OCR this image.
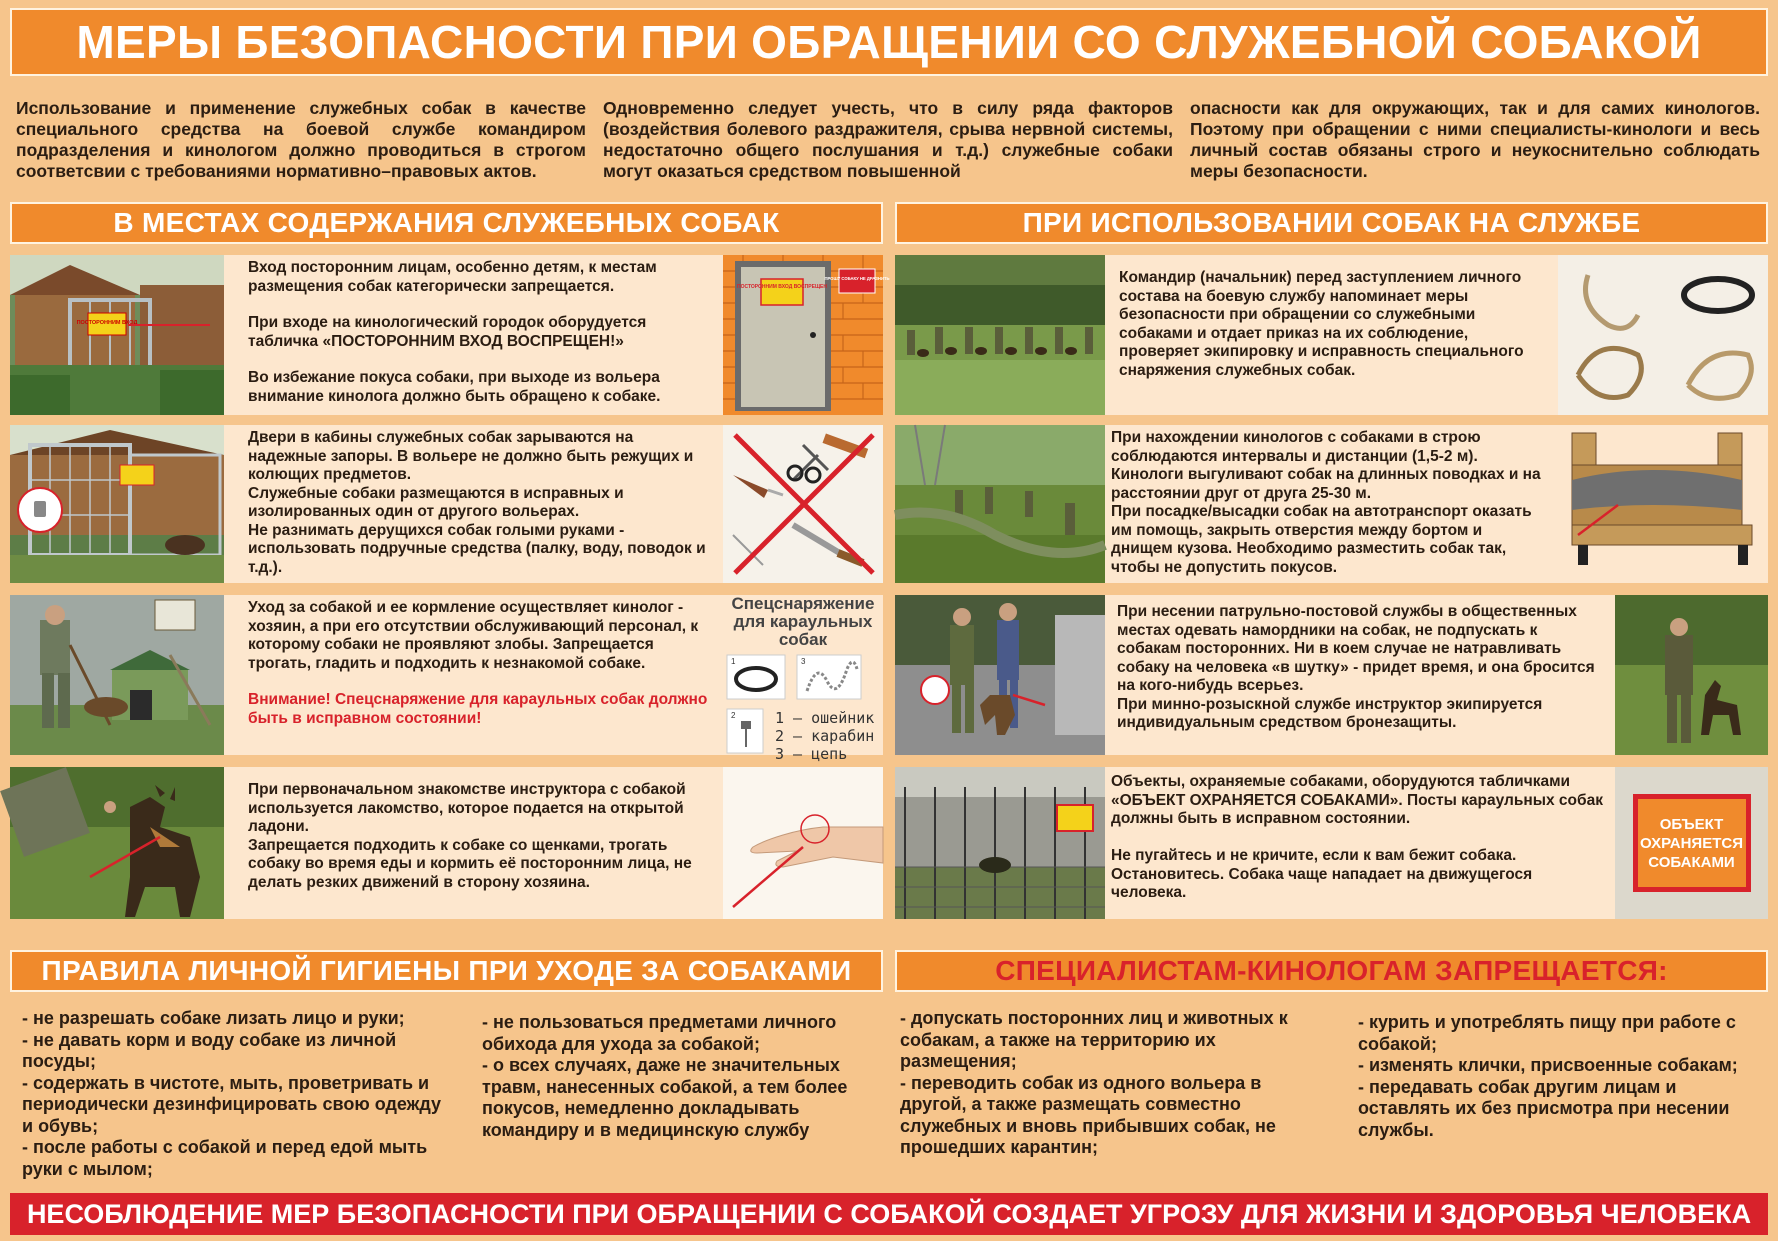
МЕРЫ БЕЗОПАСНОСТИ ПРИ ОБРАЩЕНИИ СО СЛУЖЕБНОЙ СОБАКОЙ
Использование и применение служебных собак в качестве специального средства на боевой службе командиром подразделения и кинологом должно проводиться в строгом соответсвии с требованиями нормативно–правовых актов.
Одновременно следует учесть, что в силу ряда факторов (воздействия болевого раздражителя, срыва нервной системы, недостаточно общего послушания и т.д.) служебные собаки могут оказаться средством повышенной
опасности как для окружающих, так и для самих кинологов. Поэтому при обращении с ними специалисты-кинологи и весь личный состав обязаны строго и неукоснительно соблюдать меры безопасности.
В МЕСТАХ СОДЕРЖАНИЯ СЛУЖЕБНЫХ СОБАК	ПРИ ИСПОЛЬЗОВАНИИ СОБАК НА СЛУЖБЕ
ПОСТОРОННИМ ВХОД

Вход посторонним лицам, особенно детям, к местам размещения собак категорически запрещается.

При входе на кинологический городок оборудуется табличка «ПОСТОРОННИМ ВХОД ВОСПРЕЩЕН!»

Во избежание покуса собаки, при выходе из вольера внимание кинолога должно быть обращено к собаке.

ПОСТОРОННИМ ВХОД ВОСПРЕЩЕН
ПРОШУ СОБАКУ НЕ ДРАЗНИТЬ
Двери в кабины служебных собак зарываются на надежные запоры. В вольере не должно быть режущих и колющих предметов.
Служебные собаки размещаются в исправных и изолированных один от другого вольерах.
Не разнимать дерущихся собак голыми руками - использовать подручные средства (палку, воду, поводок и т.д.).

Уход за собакой и ее кормление осуществляет кинолог - хозяин, а при его отсутствии обслуживающий персонал, к которому собаки не проявляют злобы. Запрещается трогать, гладить и подходить к незнакомой собаке.

Внимание! Спецснаряжение для караульных собак должно быть в исправном состоянии!

Спецснаряжение для караульных собак
1	3
2	1 – ошейник
2 – карабин
3 – цепь
При первоначальном знакомстве инструктора с собакой используется лакомство, которое подается на открытой ладони.
Запрещается подходить к собаке со щенками, трогать собаку во время еды и кормить её посторонним лица, не делать резких движений в сторону хозяина.
Командир (начальник) перед заступлением личного состава на боевую службу напоминает меры безопасности при обращении со служебными собаками и отдает приказ на их соблюдение, проверяет экипировку и исправность специального снаряжения служебных собак.
При нахождении кинологов с собаками в строю соблюдаются интервалы и дистанции (1,5-2 м). Кинологи выгуливают собак на длинных поводках и на расстоянии друг от друга 25-30 м.
При посадке/высадки собак на автотранспорт оказать им помощь, закрыть отверстия между бортом и днищем кузова. Необходимо разместить собак так, чтобы не допустить покусов.
При несении патрульно-постовой службы в общественных местах одевать намордники на собак, не подпускать к собакам посторонних. Ни в коем случае не натравливать собаку на человека «в шутку» - придет время, и она бросится на кого-нибудь всерьез.
При минно-розыскной службе инструктор экипируется индивидуальным средством бронезащиты.
Объекты, охраняемые собаками, оборудуются табличками «ОБЪЕКТ ОХРАНЯЕТСЯ СОБАКАМИ». Посты караульных собак должны быть в исправном состоянии.

Не пугайтесь и не кричите, если к вам бежит собака. Остановитесь. Собака чаще нападает на движущегося человека.
ОБЪЕКТ ОХРАНЯЕТСЯ СОБАКАМИ
ПРАВИЛА ЛИЧНОЙ ГИГИЕНЫ ПРИ УХОДЕ ЗА СОБАКАМИ
- не разрешать собаке лизать лицо и руки;
- не давать корм и воду собаке из личной посуды;
- содержать в чистоте, мыть, проветривать и периодически дезинфицировать свою одежду и обувь;
- после работы с собакой и перед едой мыть руки с мылом;
- не пользоваться предметами личного обихода для ухода за собакой;
- о всех случаях, даже не значительных травм, нанесенных собакой, а тем более покусов, немедленно докладывать командиру и в медицинскую службу
СПЕЦИАЛИСТАМ-КИНОЛОГАМ ЗАПРЕЩАЕТСЯ:
- допускать посторонних лиц и животных к собакам, а также на территорию их размещения;
- переводить собак из одного вольера в другой, а также размещать совместно служебных и вновь прибывших собак, не прошедших карантин;
- курить и употреблять пищу при работе с собакой;
- изменять клички, присвоенные собакам;
- передавать собак другим лицам и оставлять их без присмотра при несении службы.
НЕСОБЛЮДЕНИЕ МЕР БЕЗОПАСНОСТИ ПРИ ОБРАЩЕНИИ С СОБАКОЙ СОЗДАЕТ УГРОЗУ ДЛЯ ЖИЗНИ И ЗДОРОВЬЯ ЧЕЛОВЕКА
